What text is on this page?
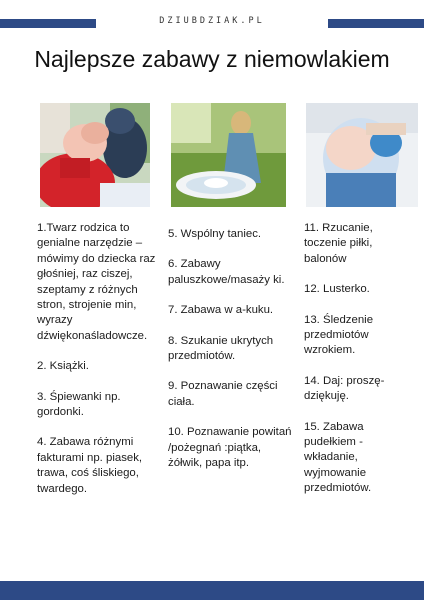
DZIUBDZIAK.PL
Najlepsze zabawy z niemowlakiem
1.Twarz rodzica to genialne narzędzie – mówimy do dziecka raz głośniej, raz ciszej, szeptamy z różnych stron, strojenie min, wyrazy dźwiękonaśladowcze.
2. Książki.
3. Śpiewanki np. gordonki.
4. Zabawa różnymi fakturami np. piasek, trawa, coś śliskiego, twardego.
5. Wspólny taniec.
6. Zabawy paluszkowe/masaży ki.
7. Zabawa w a-kuku.
8. Szukanie ukrytych przedmiotów.
9. Poznawanie części ciała.
10. Poznawanie powitań /pożegnań :piątka, żółwik, papa itp.
11. Rzucanie, toczenie piłki, balonów
12. Lusterko.
13. Śledzenie przedmiotów wzrokiem.
14. Daj: proszę-dziękuję.
15. Zabawa pudełkiem - wkładanie, wyjmowanie przedmiotów.
